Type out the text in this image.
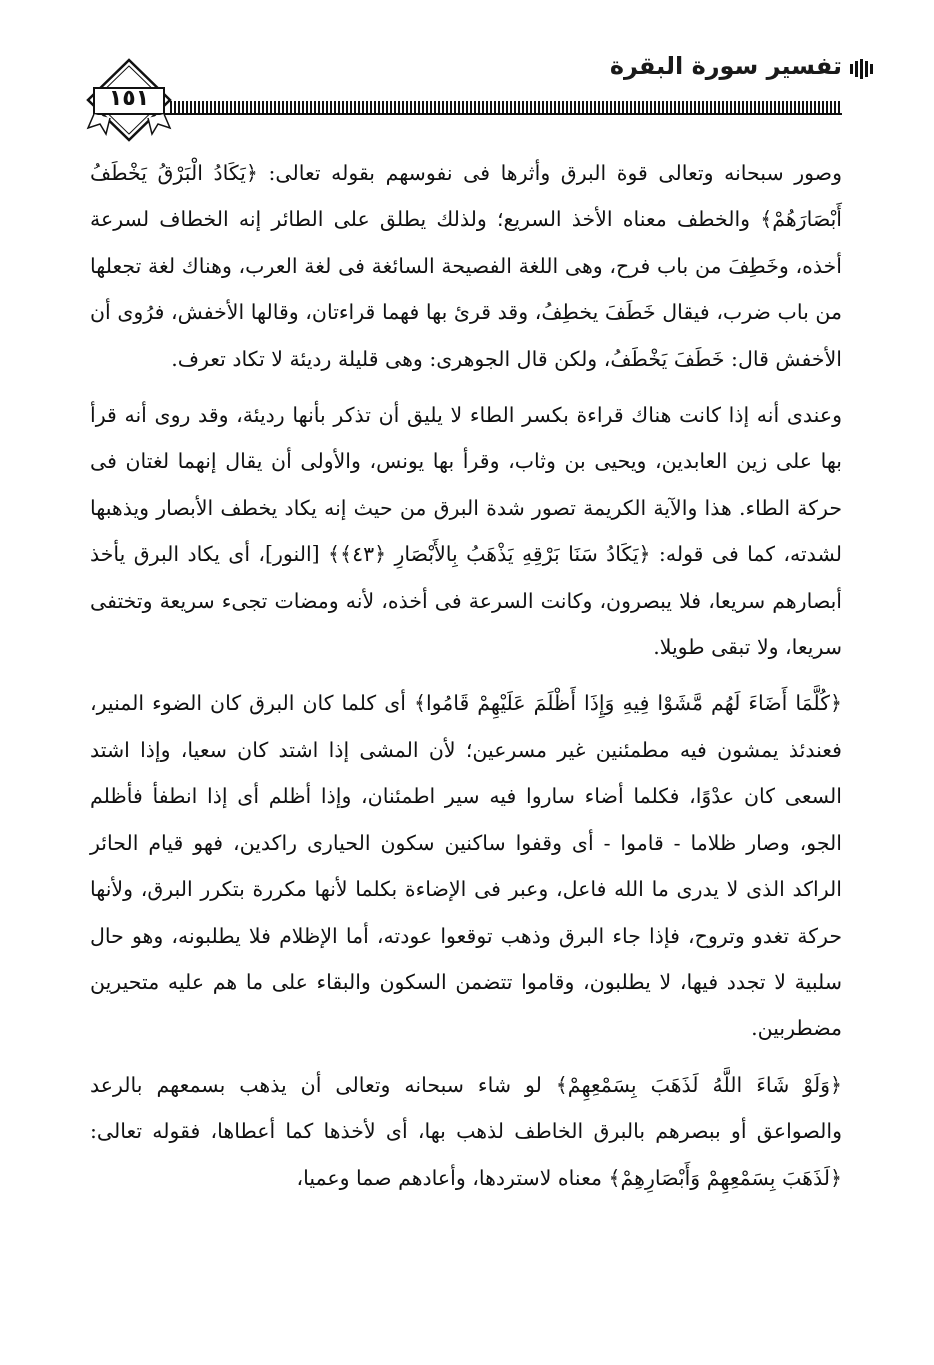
تفسير سورة البقرة
١٥١

وصور سبحانه وتعالى قوة البرق وأثرها فى نفوسهم بقوله تعالى: ﴿يَكَادُ الْبَرْقُ يَخْطَفُ أَبْصَارَهُمْ﴾ والخطف معناه الأخذ السريع؛ ولذلك يطلق على الطائر إنه الخطاف لسرعة أخذه، وخَطِفَ من باب فرح، وهى اللغة الفصيحة السائغة فى لغة العرب، وهناك لغة تجعلها من باب ضرب، فيقال خَطَفَ يخطِفُ، وقد قرئ بها فهما قراءتان، وقالها الأخفش، فرُوى أن الأخفش قال: خَطَفَ يَخْطَفُ، ولكن قال الجوهرى: وهى قليلة رديئة لا تكاد تعرف.

وعندى أنه إذا كانت هناك قراءة بكسر الطاء لا يليق أن تذكر بأنها رديئة، وقد روى أنه قرأ بها على زين العابدين، ويحيى بن وثاب، وقرأ بها يونس، والأولى أن يقال إنهما لغتان فى حركة الطاء. هذا والآية الكريمة تصور شدة البرق من حيث إنه يكاد يخطف الأبصار ويذهبها لشدته، كما فى قوله: ﴿يَكَادُ سَنَا بَرْقِهِ يَذْهَبُ بِالأَبْصَارِ ﴿٤٣﴾﴾ [النور]، أى يكاد البرق يأخذ أبصارهم سريعا، فلا يبصرون، وكانت السرعة فى أخذه، لأنه ومضات تجىء سريعة وتختفى سريعا، ولا تبقى طويلا.

﴿كُلَّمَا أَضَاءَ لَهُم مَّشَوْا فِيهِ وَإِذَا أَظْلَمَ عَلَيْهِمْ قَامُوا﴾ أى كلما كان البرق كان الضوء المنير، فعندئذ يمشون فيه مطمئنين غير مسرعين؛ لأن المشى إذا اشتد كان سعيا، وإذا اشتد السعى كان عدْوًا، فكلما أضاء ساروا فيه سير اطمئنان، وإذا أظلم أى إذا انطفأ فأظلم الجو، وصار ظلاما - قاموا - أى وقفوا ساكنين سكون الحيارى راكدين، فهو قيام الحائر الراكد الذى لا يدرى ما الله فاعل، وعبر فى الإضاءة بكلما لأنها مكررة بتكرر البرق، ولأنها حركة تغدو وتروح، فإذا جاء البرق وذهب توقعوا عودته، أما الإظلام فلا يطلبونه، وهو حال سلبية لا تجدد فيها، لا يطلبون، وقاموا تتضمن السكون والبقاء على ما هم عليه متحيرين مضطربين.

﴿وَلَوْ شَاءَ اللَّهُ لَذَهَبَ بِسَمْعِهِمْ﴾ لو شاء سبحانه وتعالى أن يذهب بسمعهم بالرعد والصواعق أو ببصرهم بالبرق الخاطف لذهب بها، أى لأخذها كما أعطاها، فقوله تعالى: ﴿لَذَهَبَ بِسَمْعِهِمْ وَأَبْصَارِهِمْ﴾ معناه لاستردها، وأعادهم صما وعميا،
